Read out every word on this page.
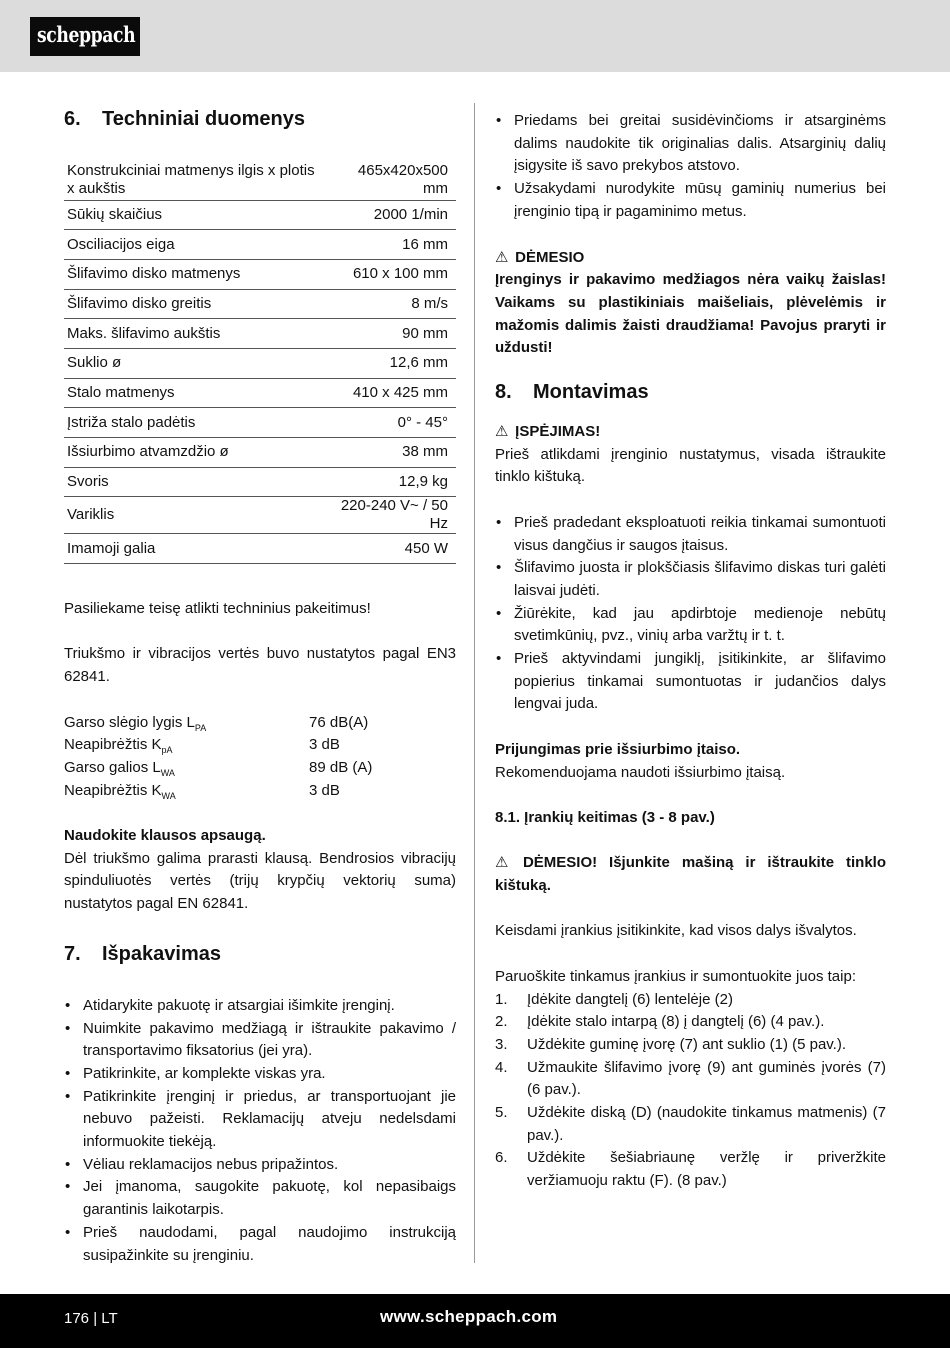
scheppach
6. Techniniai duomenys
Konstrukciniai matmenys ilgis x plotis x aukštis	465x420x500 mm
Sūkių skaičius	2000 1/min
Osciliacijos eiga	16 mm
Šlifavimo disko matmenys	610 x 100 mm
Šlifavimo disko greitis	8 m/s
Maks. šlifavimo aukštis	90 mm
Suklio ø	12,6 mm
Stalo matmenys	410 x 425 mm
Įstriža stalo padėtis	0° - 45°
Išsiurbimo atvamzdžio ø	38 mm
Svoris	12,9 kg
Variklis	220-240 V~ / 50 Hz
Imamoji galia	450 W

Pasiliekame teisę atlikti techninius pakeitimus!

Triukšmo ir vibracijos vertės buvo nustatytos pagal EN3 62841.

Garso slėgio lygis $L_{PA}$	76 dB(A)
Neapibrėžtis $K_{pA}$	3 dB
Garso galios $L_{WA}$	89 dB (A)
Neapibrėžtis $K_{WA}$	3 dB

Naudokite klausos apsaugą.

Dėl triukšmo galima prarasti klausą. Bendrosios vibracijų spinduliuotės vertės (trijų krypčių vektorių suma) nustatytos pagal EN 62841.

7. Išpakavimas
• Atidarykite pakuotę ir atsargiai išimkite įrenginį.
• Nuimkite pakavimo medžiagą ir ištraukite pakavimo / transportavimo fiksatorius (jei yra).
• Patikrinkite, ar komplekte viskas yra.
• Patikrinkite įrenginį ir priedus, ar transportuojant jie nebuvo pažeisti. Reklamacijų atveju nedelsdami informuokite tiekėją.
• Vėliau reklamacijos nebus pripažintos.
• Jei įmanoma, saugokite pakuotę, kol nepasibaigs garantinis laikotarpis.
• Prieš naudodami, pagal naudojimo instrukciją susipažinkite su įrenginiu.
• Priedams bei greitai susidėvinčioms ir atsarginėms dalims naudokite tik originalias dalis. Atsarginių dalių įsigysite iš savo prekybos atstovo.
• Užsakydami nurodykite mūsų gaminių numerius bei įrenginio tipą ir pagaminimo metus.

⚠ DĖMESIO

Įrenginys ir pakavimo medžiagos nėra vaikų žaislas! Vaikams su plastikiniais maišeliais, plėvelėmis ir mažomis dalimis žaisti draudžiama! Pavojus praryti ir uždusti!

8. Montavimas

⚠ ĮSPĖJIMAS!

Prieš atlikdami įrenginio nustatymus, visada ištraukite tinklo kištuką.

• Prieš pradedant eksploatuoti reikia tinkamai sumontuoti visus dangčius ir saugos įtaisus.
• Šlifavimo juosta ir plokščiasis šlifavimo diskas turi galėti laisvai judėti.
• Žiūrėkite, kad jau apdirbtoje medienoje nebūtų svetimkūnių, pvz., vinių arba varžtų ir t. t.
• Prieš aktyvindami jungiklį, įsitikinkite, ar šlifavimo popierius tinkamai sumontuotas ir judančios dalys lengvai juda.

Prijungimas prie išsiurbimo įtaiso.

Rekomenduojama naudoti išsiurbimo įtaisą.

8.1. Įrankių keitimas (3 - 8 pav.)

⚠ DĖMESIO! Išjunkite mašiną ir ištraukite tinklo kištuką.

Keisdami įrankius įsitikinkite, kad visos dalys išvalytos.

Paruoškite tinkamus įrankius ir sumontuokite juos taip:

1. Įdėkite dangtelį (6) lentelėje (2)
2. Įdėkite stalo intarpą (8) į dangtelį (6) (4 pav.).
3. Uždėkite guminę įvorę (7) ant suklio (1) (5 pav.).
4. Užmaukite šlifavimo įvorę (9) ant guminės įvorės (7) (6 pav.).
5. Uždėkite diską (D) (naudokite tinkamus matmenis) (7 pav.).
6. Uždėkite šešiabriaunę veržlę ir priveržkite veržiamuoju raktu (F). (8 pav.)
176 | LT	www.scheppach.com
